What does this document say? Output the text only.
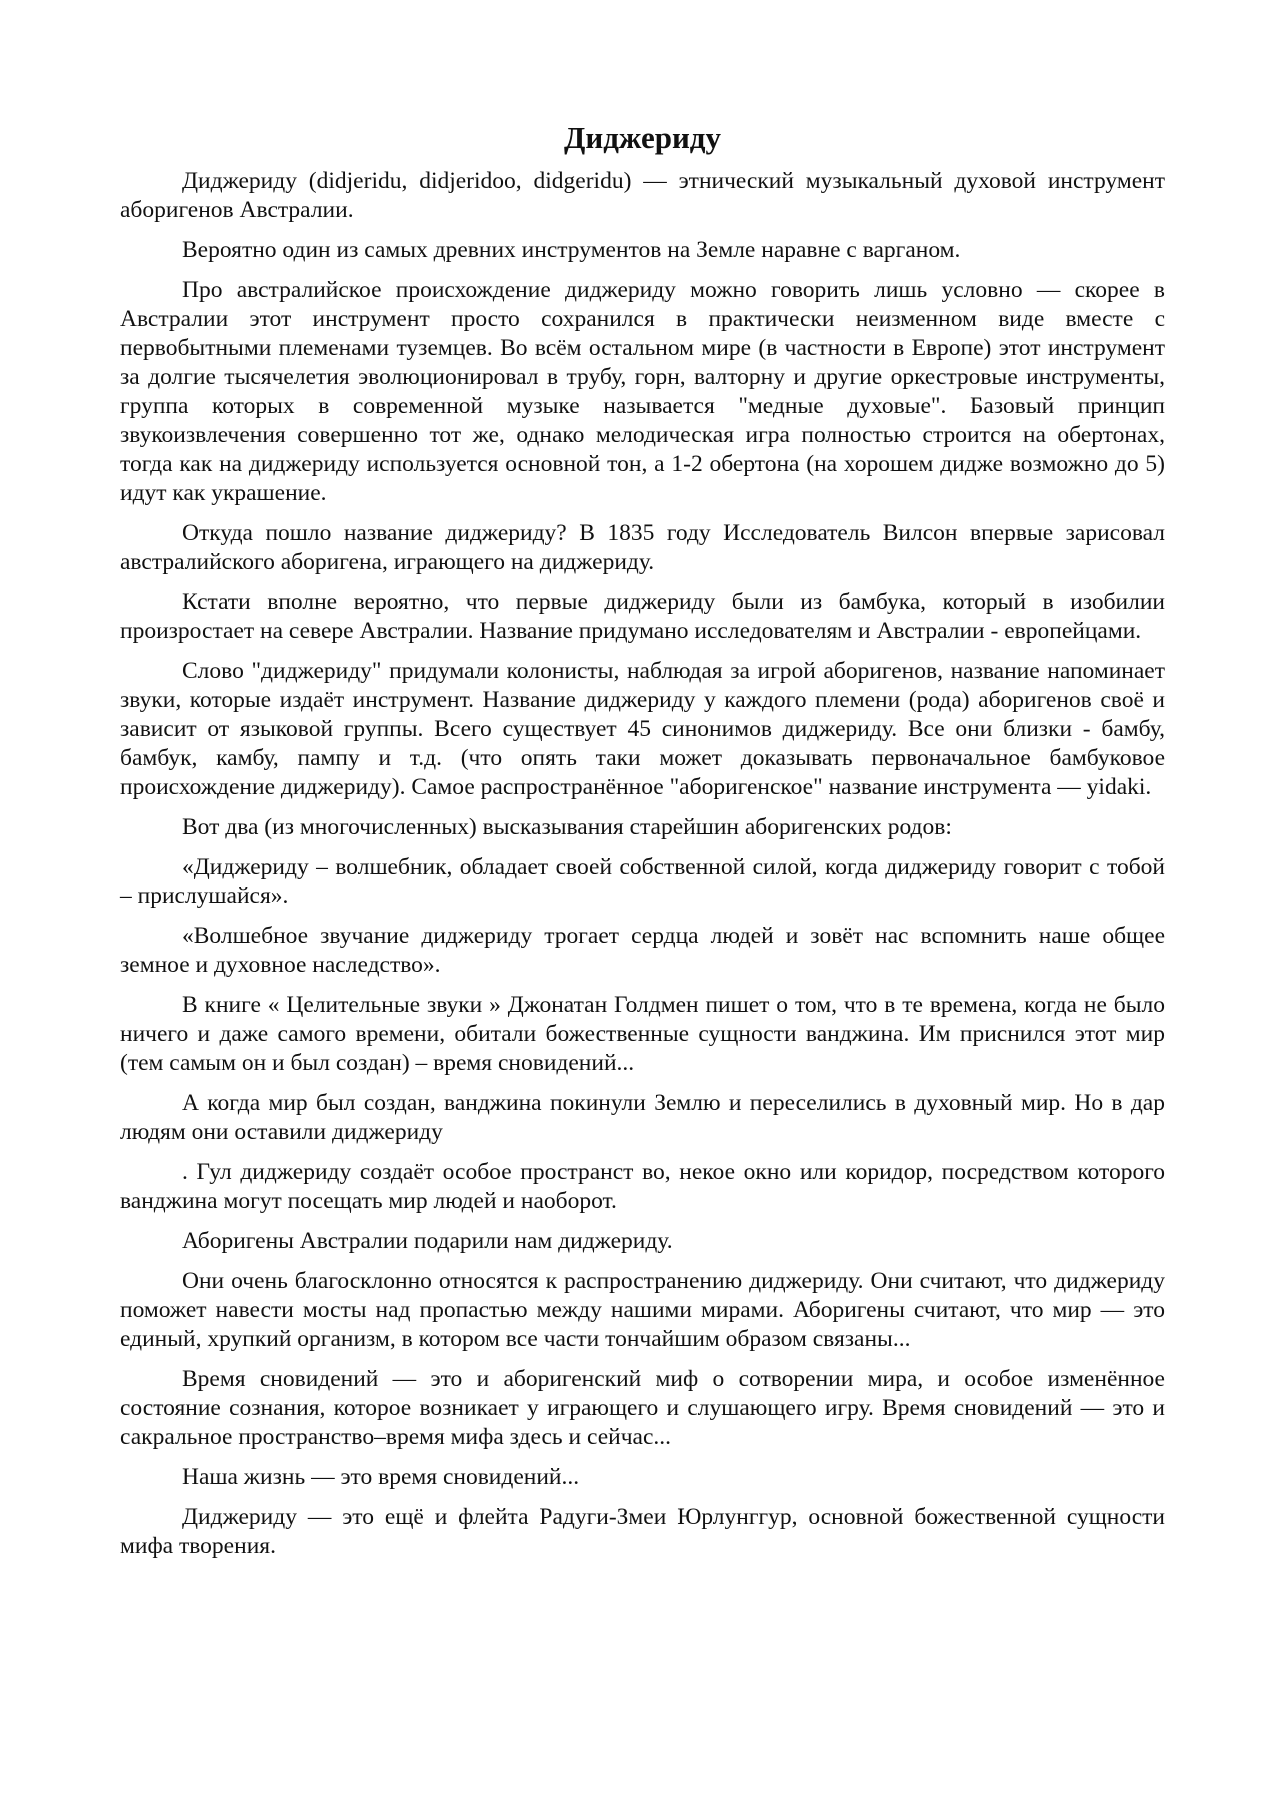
Диджериду

Диджериду (didjeridu, didjeridoo, didgeridu) — этнический музыкальный духовой инструмент аборигенов Австралии.

Вероятно один из самых древних инструментов на Земле наравне с варганом.

Про австралийское происхождение диджериду можно говорить лишь условно — скорее в Австралии этот инструмент просто сохранился в практически неизменном виде вместе с первобытными племенами туземцев. Во всём остальном мире (в частности в Европе) этот инструмент за долгие тысячелетия эволюционировал в трубу, горн, валторну и другие оркестровые инструменты, группа которых в современной музыке называется "медные духовые". Базовый принцип звукоизвлечения совершенно тот же, однако мелодическая игра полностью строится на обертонах, тогда как на диджериду используется основной тон, а 1-2 обертона (на хорошем дидже возможно до 5) идут как украшение.

Откуда пошло название диджериду? В 1835 году Исследователь Вилсон впервые зарисовал австралийского аборигена, играющего на диджериду.

Кстати вполне вероятно, что первые диджериду были из бамбука, который в изобилии произростает на севере Австралии. Название придумано исследователям и Австралии - европейцами.

Слово "диджериду" придумали колонисты, наблюдая за игрой аборигенов, название напоминает звуки, которые издаёт инструмент. Название диджериду у каждого племени (рода) аборигенов своё и зависит от языковой группы. Всего существует 45 синонимов диджериду. Все они близки - бамбу, бамбук, камбу, пампу и т.д. (что опять таки может доказывать первоначальное бамбуковое происхождение диджериду). Самое распространённое "аборигенское" название инструмента — yidaki.

Вот два (из многочисленных) высказывания старейшин аборигенских родов:

«Диджериду – волшебник, обладает своей собственной силой, когда диджериду говорит с тобой – прислушайся».

«Волшебное звучание диджериду трогает сердца людей и зовёт нас вспомнить наше общее земное и духовное наследство».

В книге « Целительные звуки » Джонатан Голдмен пишет о том, что в те времена, когда не было ничего и даже самого времени, обитали божественные сущности ванджина. Им приснился этот мир (тем самым он и был создан) – время сновидений...

А когда мир был создан, ванджина покинули Землю и переселились в духовный мир. Но в дар людям они оставили диджериду

. Гул диджериду создаёт особое пространст во, некое окно или коридор, посредством которого ванджина могут посещать мир людей и наоборот.

Аборигены Австралии подарили нам диджериду.

Они очень благосклонно относятся к распространению диджериду. Они считают, что диджериду поможет навести мосты над пропастью между нашими мирами. Аборигены считают, что мир — это единый, хрупкий организм, в котором все части тончайшим образом связаны...

Время сновидений — это и аборигенский миф о сотворении мира, и особое изменённое состояние сознания, которое возникает у играющего и слушающего игру. Время сновидений — это и сакральное пространство–время мифа здесь и сейчас...

Наша жизнь — это время сновидений...

Диджериду — это ещё и флейта Радуги-Змеи Юрлунггур, основной божественной сущности мифа творения.
